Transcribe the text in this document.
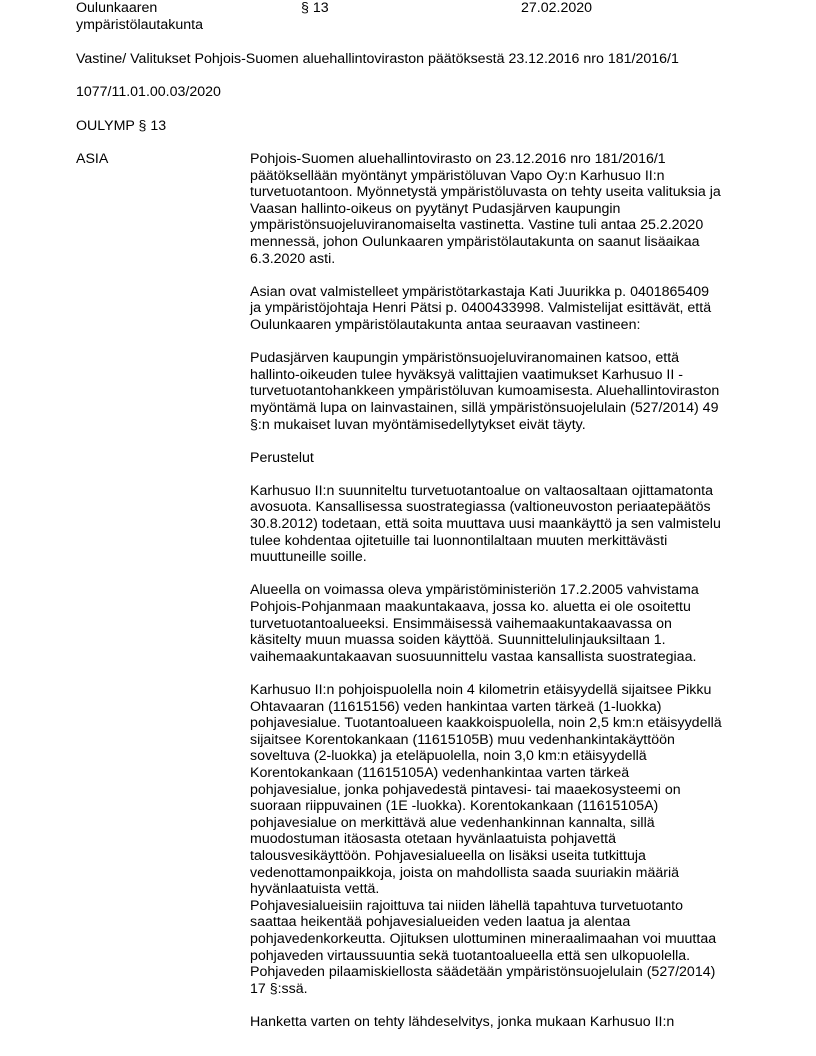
Oulunkaaren
ympäristölautakunta
§ 13	27.02.2020
Vastine/ Valitukset Pohjois-Suomen aluehallintoviraston päätöksestä 23.12.2016 nro 181/2016/1
1077/11.01.00.03/2020
OULYMP § 13
ASIA	Pohjois-Suomen aluehallintovirasto on 23.12.2016 nro 181/2016/1
päätöksellään myöntänyt ympäristöluvan Vapo Oy:n Karhusuo II:n
turvetuotantoon. Myönnetystä ympäristöluvasta on tehty useita valituksia ja
Vaasan hallinto-oikeus on pyytänyt Pudasjärven kaupungin
ympäristönsuojeluviranomaiselta vastinetta. Vastine tuli antaa 25.2.2020
mennessä, johon Oulunkaaren ympäristölautakunta on saanut lisäaikaa
6.3.2020 asti.

Asian ovat valmistelleet ympäristötarkastaja Kati Juurikka p. 0401865409
ja ympäristöjohtaja Henri Pätsi p. 0400433998. Valmistelijat esittävät, että
Oulunkaaren ympäristölautakunta antaa seuraavan vastineen:

Pudasjärven kaupungin ympäristönsuojeluviranomainen katsoo, että
hallinto-oikeuden tulee hyväksyä valittajien vaatimukset Karhusuo II -
turvetuotantohankkeen ympäristöluvan kumoamisesta. Aluehallintoviraston
myöntämä lupa on lainvastainen, sillä ympäristönsuojelulain (527/2014) 49
§:n mukaiset luvan myöntämisedellytykset eivät täyty.

Perustelut

Karhusuo II:n suunniteltu turvetuotantoalue on valtaosaltaan ojittamatonta
avosuota. Kansallisessa suostrategiassa (valtioneuvoston periaatepäätös
30.8.2012) todetaan, että soita muuttava uusi maankäyttö ja sen valmistelu
tulee kohdentaa ojitetuille tai luonnontilaltaan muuten merkittävästi
muuttuneille soille.

Alueella on voimassa oleva ympäristöministeriön 17.2.2005 vahvistama
Pohjois-Pohjanmaan maakuntakaava, jossa ko. aluetta ei ole osoitettu
turvetuotantoalueeksi. Ensimmäisessä vaihemaakuntakaavassa on
käsitelty muun muassa soiden käyttöä. Suunnittelulinjauksiltaan 1.
vaihemaakuntakaavan suosuunnittelu vastaa kansallista suostrategiaa.

Karhusuo II:n pohjoispuolella noin 4 kilometrin etäisyydellä sijaitsee Pikku
Ohtavaaran (11615156) veden hankintaa varten tärkeä (1-luokka)
pohjavesialue. Tuotantoalueen kaakkoispuolella, noin 2,5 km:n etäisyydellä
sijaitsee Korentokankaan (11615105B) muu vedenhankintakäyttöön
soveltuva (2-luokka) ja eteläpuolella, noin 3,0 km:n etäisyydellä
Korentokankaan (11615105A) vedenhankintaa varten tärkeä
pohjavesialue, jonka pohjavedestä pintavesi- tai maaekosysteemi on
suoraan riippuvainen (1E -luokka). Korentokankaan (11615105A)
pohjavesialue on merkittävä alue vedenhankinnan kannalta, sillä
muodostuman itäosasta otetaan hyvänlaatuista pohjavettä
talousvesikäyttöön. Pohjavesialueella on lisäksi useita tutkittuja
vedenottamonpaikkoja, joista on mahdollista saada suuriakin määriä
hyvänlaatuista vettä.

Pohjavesialueisiin rajoittuva tai niiden lähellä tapahtuva turvetuotanto
saattaa heikentää pohjavesialueiden veden laatua ja alentaa
pohjavedenkorkeutta. Ojituksen ulottuminen mineraalimaahan voi muuttaa
pohjaveden virtaussuuntia sekä tuotantoalueella että sen ulkopuolella.
Pohjaveden pilaamiskiellosta säädetään ympäristönsuojelulain (527/2014)
17 §:ssä.

Hanketta varten on tehty lähdeselvitys, jonka mukaan Karhusuo II:n
